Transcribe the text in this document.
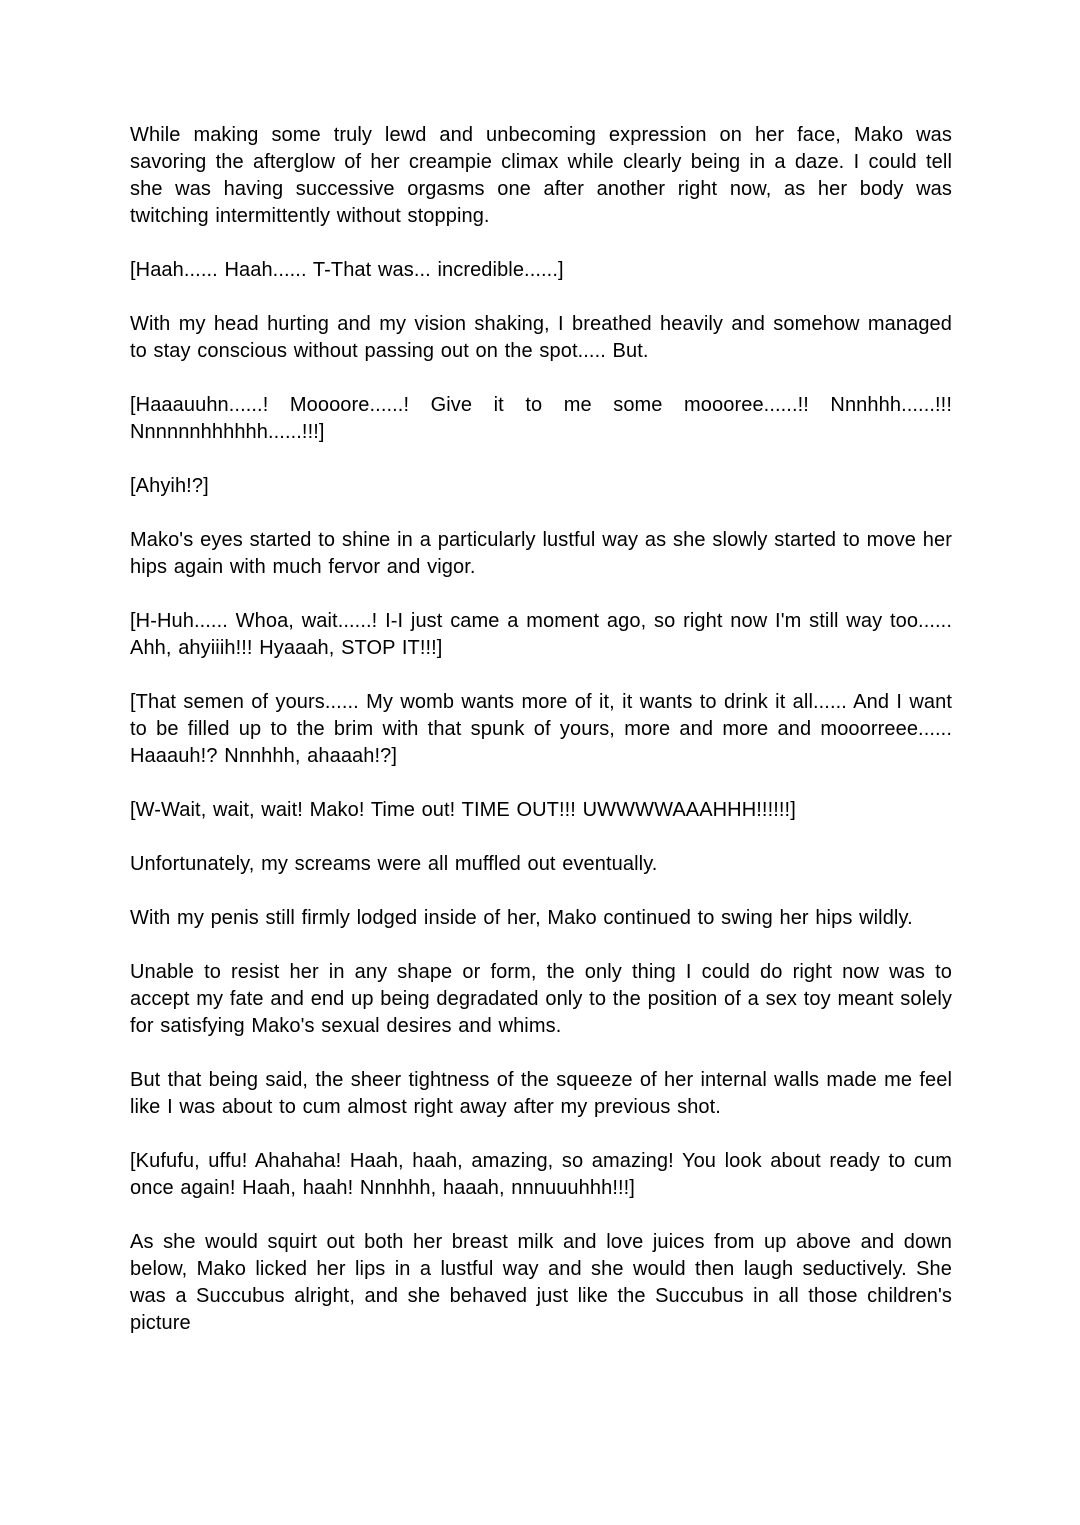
While making some truly lewd and unbecoming expression on her face, Mako was savoring the afterglow of her creampie climax while clearly being in a daze. I could tell she was having successive orgasms one after another right now, as her body was twitching intermittently without stopping.

[Haah...... Haah...... T-That was... incredible......]

With my head hurting and my vision shaking, I breathed heavily and somehow managed to stay conscious without passing out on the spot..... But.

[Haaauuhn......! Moooore......! Give it to me some moooree......!! Nnnhhh......!!! Nnnnnnhhhhhh......!!!]

[Ahyih!?]

Mako's eyes started to shine in a particularly lustful way as she slowly started to move her hips again with much fervor and vigor.

[H-Huh...... Whoa, wait......! I-I just came a moment ago, so right now I'm still way too...... Ahh, ahyiiih!!! Hyaaah, STOP IT!!!]

[That semen of yours...... My womb wants more of it, it wants to drink it all...... And I want to be filled up to the brim with that spunk of yours, more and more and mooorreee...... Haaauh!? Nnnhhh, ahaaah!?]

[W-Wait, wait, wait! Mako! Time out! TIME OUT!!! UWWWWAAAHHH!!!!!!]

Unfortunately, my screams were all muffled out eventually.

With my penis still firmly lodged inside of her, Mako continued to swing her hips wildly.

Unable to resist her in any shape or form, the only thing I could do right now was to accept my fate and end up being degradated only to the position of a sex toy meant solely for satisfying Mako's sexual desires and whims.

But that being said, the sheer tightness of the squeeze of her internal walls made me feel like I was about to cum almost right away after my previous shot.

[Kufufu, uffu! Ahahaha! Haah, haah, amazing, so amazing! You look about ready to cum once again! Haah, haah! Nnnhhh, haaah, nnnuuuhhh!!!]

As she would squirt out both her breast milk and love juices from up above and down below, Mako licked her lips in a lustful way and she would then laugh seductively. She was a Succubus alright, and she behaved just like the Succubus in all those children's picture
